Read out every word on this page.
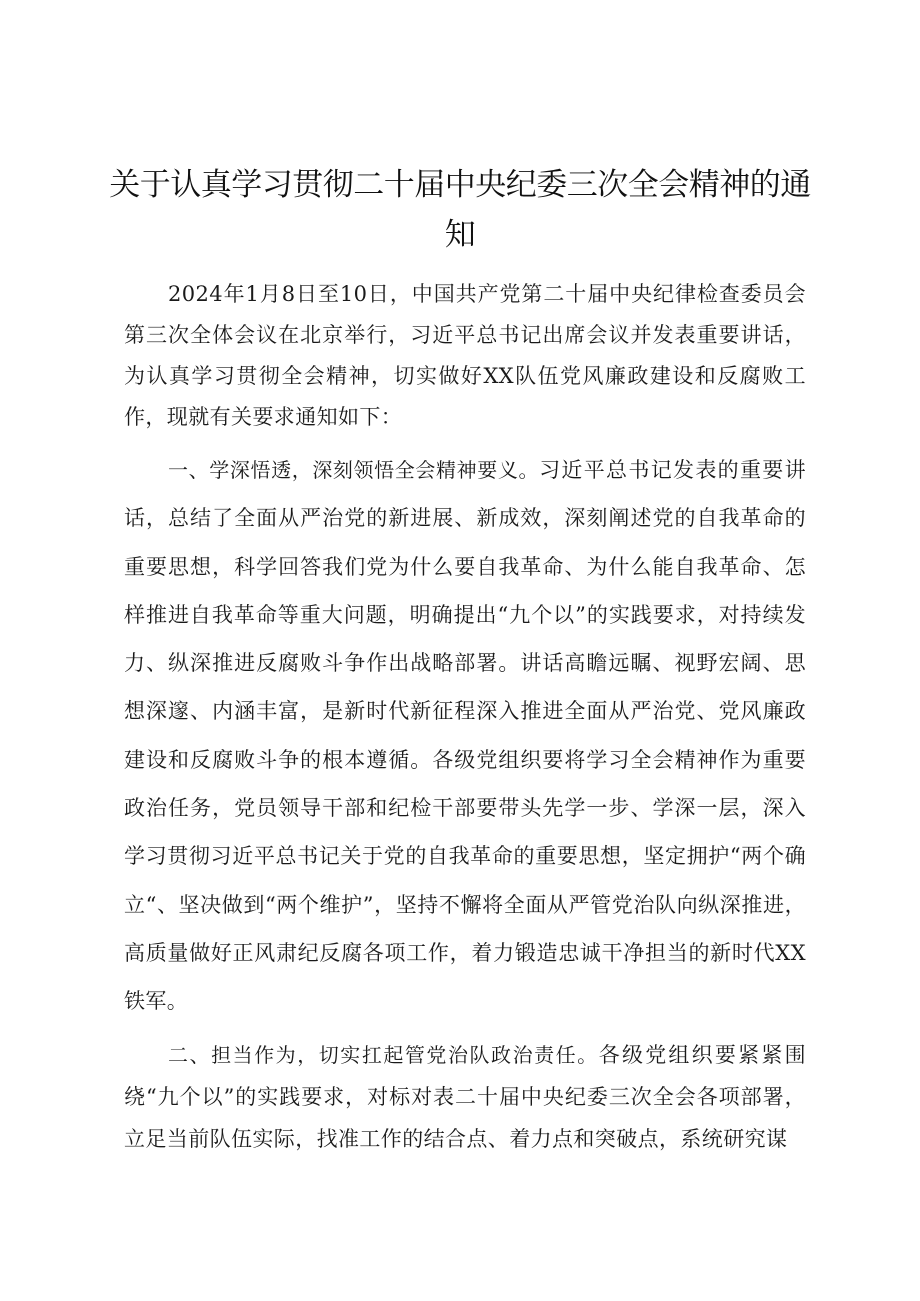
关于认真学习贯彻二十届中央纪委三次全会精神的通知

2024年1月8日至10日，中国共产党第二十届中央纪律检查委员会第三次全体会议在北京举行，习近平总书记出席会议并发表重要讲话，为认真学习贯彻全会精神，切实做好XX队伍党风廉政建设和反腐败工作，现就有关要求通知如下：

一、学深悟透，深刻领悟全会精神要义。习近平总书记发表的重要讲话，总结了全面从严治党的新进展、新成效，深刻阐述党的自我革命的重要思想，科学回答我们党为什么要自我革命、为什么能自我革命、怎样推进自我革命等重大问题，明确提出“九个以”的实践要求，对持续发力、纵深推进反腐败斗争作出战略部署。讲话高瞻远瞩、视野宏阔、思想深邃、内涵丰富，是新时代新征程深入推进全面从严治党、党风廉政建设和反腐败斗争的根本遵循。各级党组织要将学习全会精神作为重要政治任务，党员领导干部和纪检干部要带头先学一步、学深一层，深入学习贯彻习近平总书记关于党的自我革命的重要思想，坚定拥护“两个确立“、坚决做到“两个维护”，坚持不懈将全面从严管党治队向纵深推进，高质量做好正风肃纪反腐各项工作，着力锻造忠诚干净担当的新时代XX铁军。

二、担当作为，切实扛起管党治队政治责任。各级党组织要紧紧围绕“九个以”的实践要求，对标对表二十届中央纪委三次全会各项部署，立足当前队伍实际，找准工作的结合点、着力点和突破点，系统研究谋
